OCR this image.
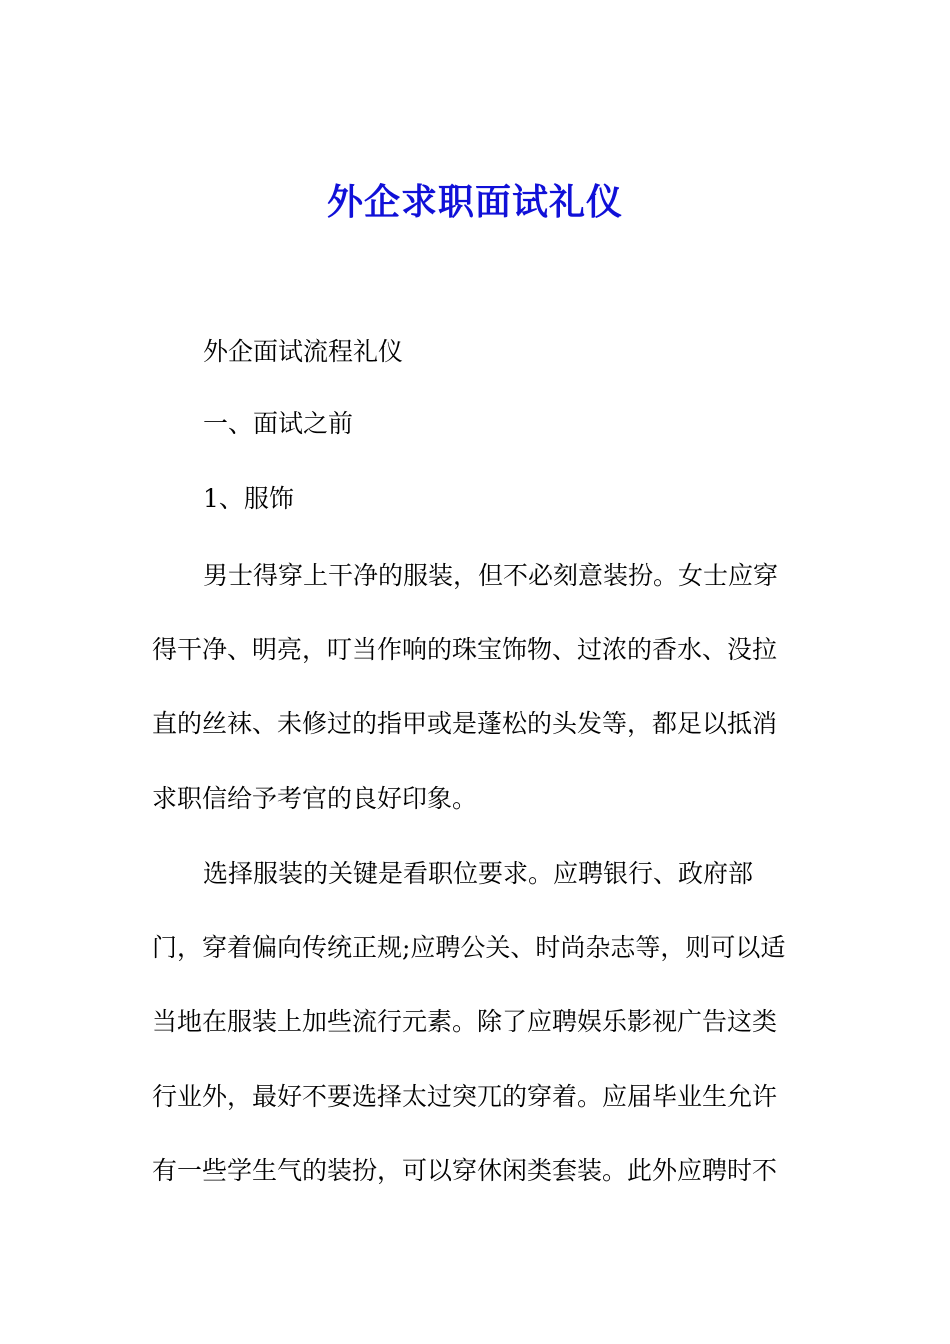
外企求职面试礼仪
外企面试流程礼仪
一、面试之前
1、服饰
男士得穿上干净的服装，但不必刻意装扮。女士应穿
得干净、明亮，叮当作响的珠宝饰物、过浓的香水、没拉
直的丝袜、未修过的指甲或是蓬松的头发等，都足以抵消
求职信给予考官的良好印象。
选择服装的关键是看职位要求。应聘银行、政府部
门，穿着偏向传统正规;应聘公关、时尚杂志等，则可以适
当地在服装上加些流行元素。除了应聘娱乐影视广告这类
行业外，最好不要选择太过突兀的穿着。应届毕业生允许
有一些学生气的装扮，可以穿休闲类套装。此外应聘时不
